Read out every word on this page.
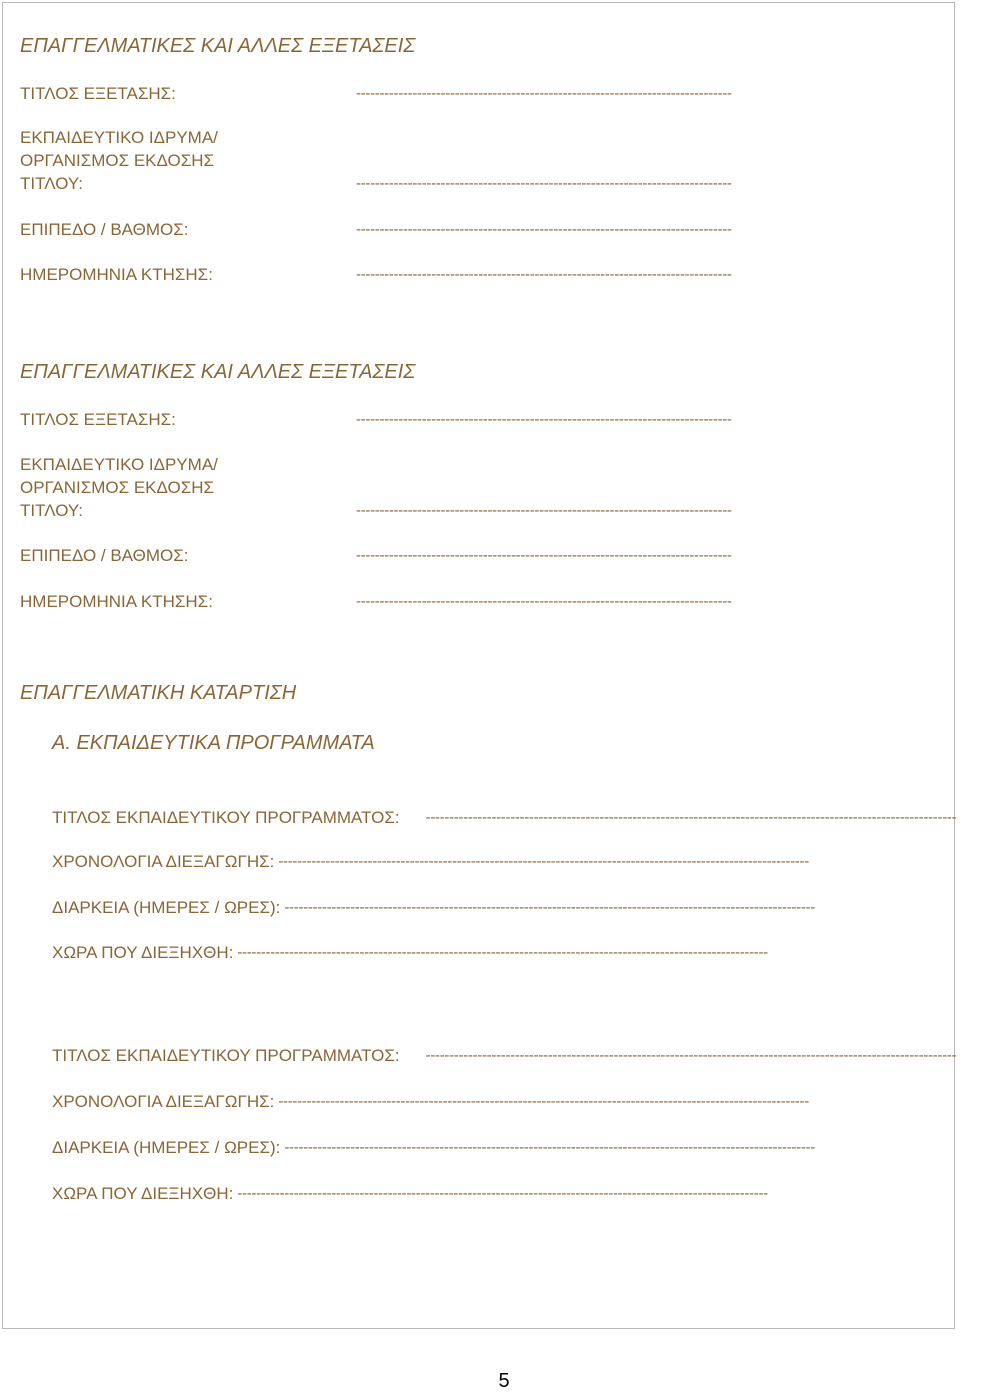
ΕΠΑΓΓΕΛΜΑΤΙΚΕΣ ΚΑΙ ΑΛΛΕΣ ΕΞΕΤΑΣΕΙΣ
ΤΙΤΛΟΣ ΕΞΕΤΑΣΗΣ:	--------------------------------------------------------------------------------
ΕΚΠΑΙΔΕΥΤΙΚΟ ΙΔΡΥΜΑ/
ΟΡΓΑΝΙΣΜΟΣ ΕΚΔΟΣΗΣ
ΤΙΤΛΟΥ:	--------------------------------------------------------------------------------
ΕΠΙΠΕΔΟ / ΒΑΘΜΟΣ:	--------------------------------------------------------------------------------
ΗΜΕΡΟΜΗΝΙΑ ΚΤΗΣΗΣ:	--------------------------------------------------------------------------------
ΕΠΑΓΓΕΛΜΑΤΙΚΕΣ ΚΑΙ ΑΛΛΕΣ ΕΞΕΤΑΣΕΙΣ
ΤΙΤΛΟΣ ΕΞΕΤΑΣΗΣ:	--------------------------------------------------------------------------------
ΕΚΠΑΙΔΕΥΤΙΚΟ ΙΔΡΥΜΑ/
ΟΡΓΑΝΙΣΜΟΣ ΕΚΔΟΣΗΣ
ΤΙΤΛΟΥ:	--------------------------------------------------------------------------------
ΕΠΙΠΕΔΟ / ΒΑΘΜΟΣ:	--------------------------------------------------------------------------------
ΗΜΕΡΟΜΗΝΙΑ ΚΤΗΣΗΣ:	--------------------------------------------------------------------------------
ΕΠΑΓΓΕΛΜΑΤΙΚΗ ΚΑΤΑΡΤΙΣΗ
Α. ΕΚΠΑΙΔΕΥΤΙΚΑ ΠΡΟΓΡΑΜΜΑΤΑ
ΤΙΤΛΟΣ ΕΚΠΑΙΔΕΥΤΙΚΟΥ ΠΡΟΓΡΑΜΜΑΤΟΣ:	-----------------------------------------------------------------------------------------------------------------
ΧΡΟΝΟΛΟΓΙΑ ΔΙΕΞΑΓΩΓΗΣ: -----------------------------------------------------------------------------------------------------------------
ΔΙΑΡΚΕΙΑ (ΗΜΕΡΕΣ / ΩΡΕΣ): -----------------------------------------------------------------------------------------------------------------
ΧΩΡΑ ΠΟΥ ΔΙΕΞΗΧΘΗ: -----------------------------------------------------------------------------------------------------------------
ΤΙΤΛΟΣ ΕΚΠΑΙΔΕΥΤΙΚΟΥ ΠΡΟΓΡΑΜΜΑΤΟΣ:	-----------------------------------------------------------------------------------------------------------------
ΧΡΟΝΟΛΟΓΙΑ ΔΙΕΞΑΓΩΓΗΣ: -----------------------------------------------------------------------------------------------------------------
ΔΙΑΡΚΕΙΑ (ΗΜΕΡΕΣ / ΩΡΕΣ): -----------------------------------------------------------------------------------------------------------------
ΧΩΡΑ ΠΟΥ ΔΙΕΞΗΧΘΗ: -----------------------------------------------------------------------------------------------------------------
5
